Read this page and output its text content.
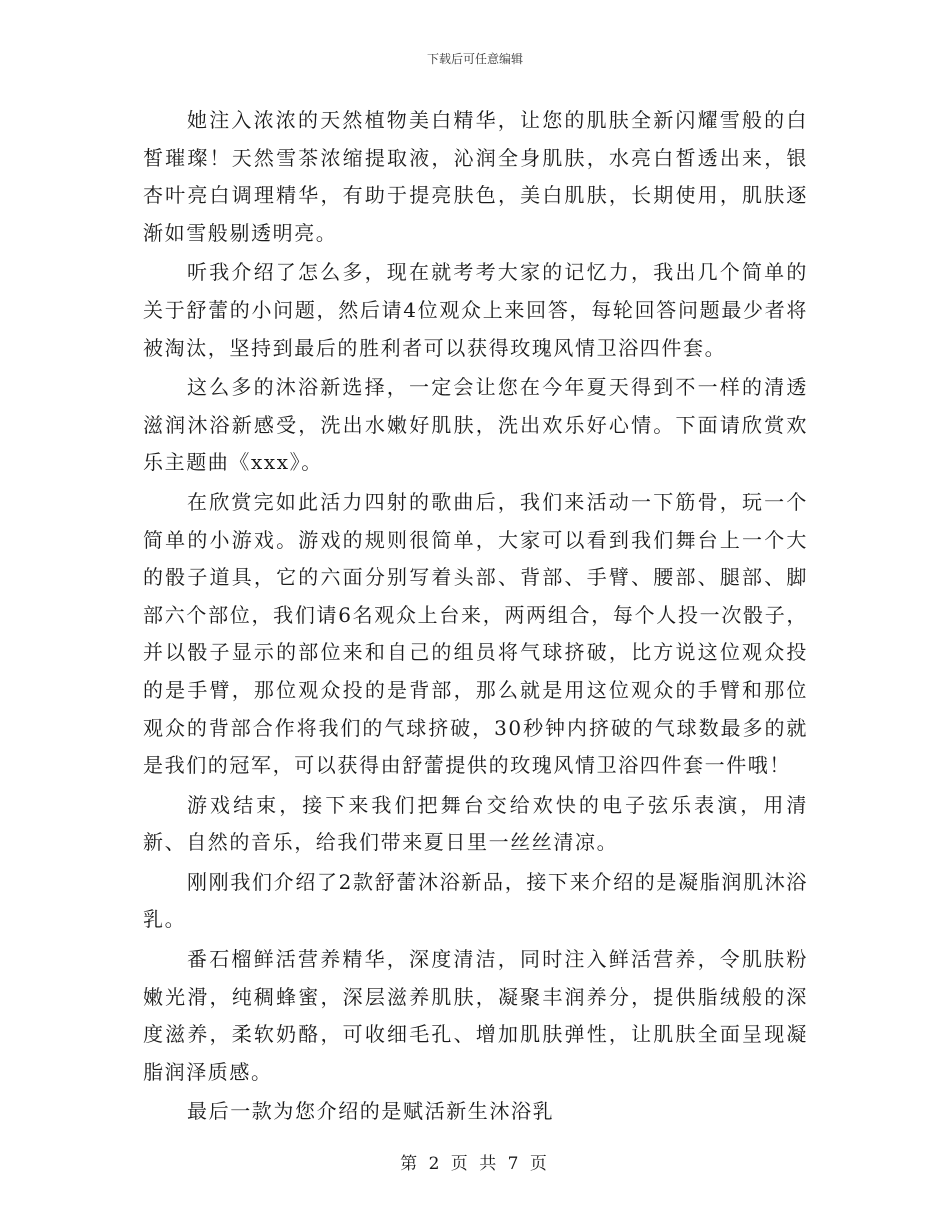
下载后可任意编辑

她注入浓浓的天然植物美白精华，让您的肌肤全新闪耀雪般的白皙璀璨！天然雪茶浓缩提取液，沁润全身肌肤，水亮白皙透出来，银杏叶亮白调理精华，有助于提亮肤色，美白肌肤，长期使用，肌肤逐渐如雪般剔透明亮。

听我介绍了怎么多，现在就考考大家的记忆力，我出几个简单的关于舒蕾的小问题，然后请4位观众上来回答，每轮回答问题最少者将被淘汰，坚持到最后的胜利者可以获得玫瑰风情卫浴四件套。

这么多的沐浴新选择，一定会让您在今年夏天得到不一样的清透滋润沐浴新感受，洗出水嫩好肌肤，洗出欢乐好心情。下面请欣赏欢乐主题曲《xxx》。

在欣赏完如此活力四射的歌曲后，我们来活动一下筋骨，玩一个简单的小游戏。游戏的规则很简单，大家可以看到我们舞台上一个大的骰子道具，它的六面分别写着头部、背部、手臂、腰部、腿部、脚部六个部位，我们请6名观众上台来，两两组合，每个人投一次骰子，并以骰子显示的部位来和自己的组员将气球挤破，比方说这位观众投的是手臂，那位观众投的是背部，那么就是用这位观众的手臂和那位观众的背部合作将我们的气球挤破，30秒钟内挤破的气球数最多的就是我们的冠军，可以获得由舒蕾提供的玫瑰风情卫浴四件套一件哦！

游戏结束，接下来我们把舞台交给欢快的电子弦乐表演，用清新、自然的音乐，给我们带来夏日里一丝丝清凉。

刚刚我们介绍了2款舒蕾沐浴新品，接下来介绍的是凝脂润肌沐浴乳。

番石榴鲜活营养精华，深度清洁，同时注入鲜活营养，令肌肤粉嫩光滑，纯稠蜂蜜，深层滋养肌肤，凝聚丰润养分，提供脂绒般的深度滋养，柔软奶酪，可收细毛孔、增加肌肤弹性，让肌肤全面呈现凝脂润泽质感。

最后一款为您介绍的是赋活新生沐浴乳

第 2 页 共 7 页
